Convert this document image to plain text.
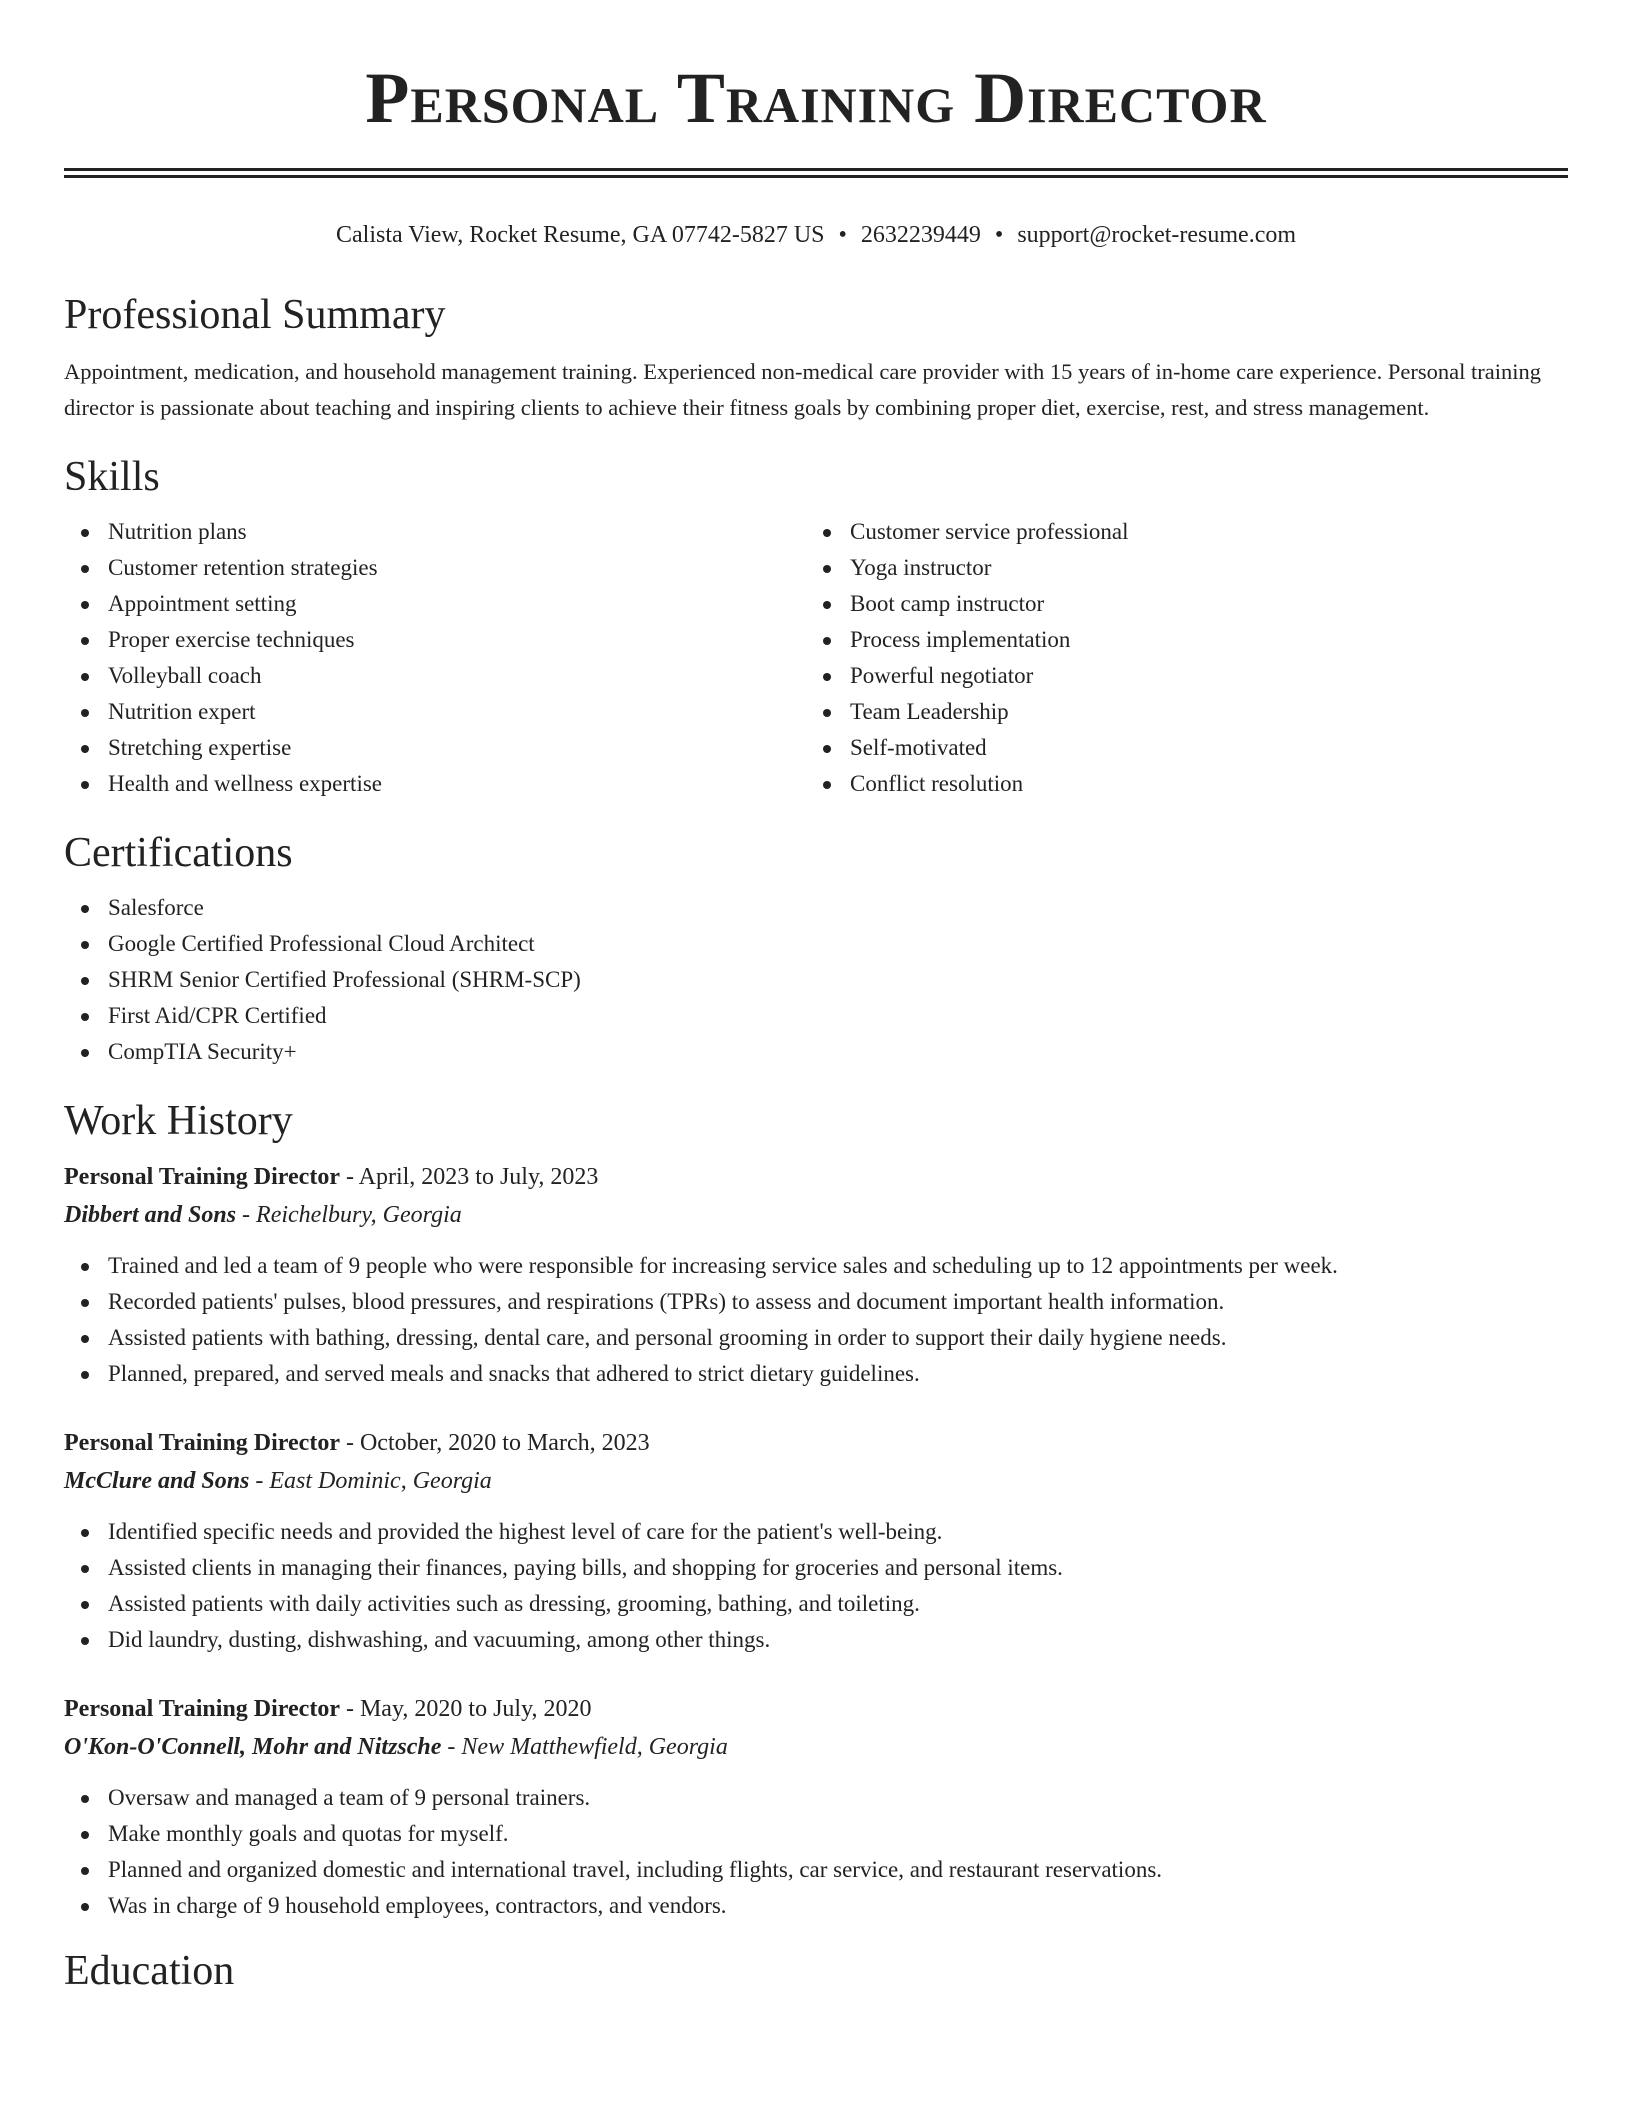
Personal Training Director
Calista View, Rocket Resume, GA 07742-5827 US • 2632239449 • support@rocket-resume.com
Professional Summary

Appointment, medication, and household management training. Experienced non-medical care provider with 15 years of in-home care experience. Personal training director is passionate about teaching and inspiring clients to achieve their fitness goals by combining proper diet, exercise, rest, and stress management.

Skills
Nutrition plans
Customer retention strategies
Appointment setting
Proper exercise techniques
Volleyball coach
Nutrition expert
Stretching expertise
Health and wellness expertise
Customer service professional
Yoga instructor
Boot camp instructor
Process implementation
Powerful negotiator
Team Leadership
Self-motivated
Conflict resolution
Certifications
Salesforce
Google Certified Professional Cloud Architect
SHRM Senior Certified Professional (SHRM-SCP)
First Aid/CPR Certified
CompTIA Security+
Work History
Personal Training Director - April, 2023 to July, 2023
Dibbert and Sons - Reichelbury, Georgia
Trained and led a team of 9 people who were responsible for increasing service sales and scheduling up to 12 appointments per week.
Recorded patients' pulses, blood pressures, and respirations (TPRs) to assess and document important health information.
Assisted patients with bathing, dressing, dental care, and personal grooming in order to support their daily hygiene needs.
Planned, prepared, and served meals and snacks that adhered to strict dietary guidelines.
Personal Training Director - October, 2020 to March, 2023
McClure and Sons - East Dominic, Georgia
Identified specific needs and provided the highest level of care for the patient's well-being.
Assisted clients in managing their finances, paying bills, and shopping for groceries and personal items.
Assisted patients with daily activities such as dressing, grooming, bathing, and toileting.
Did laundry, dusting, dishwashing, and vacuuming, among other things.
Personal Training Director - May, 2020 to July, 2020
O'Kon-O'Connell, Mohr and Nitzsche - New Matthewfield, Georgia
Oversaw and managed a team of 9 personal trainers.
Make monthly goals and quotas for myself.
Planned and organized domestic and international travel, including flights, car service, and restaurant reservations.
Was in charge of 9 household employees, contractors, and vendors.
Education
